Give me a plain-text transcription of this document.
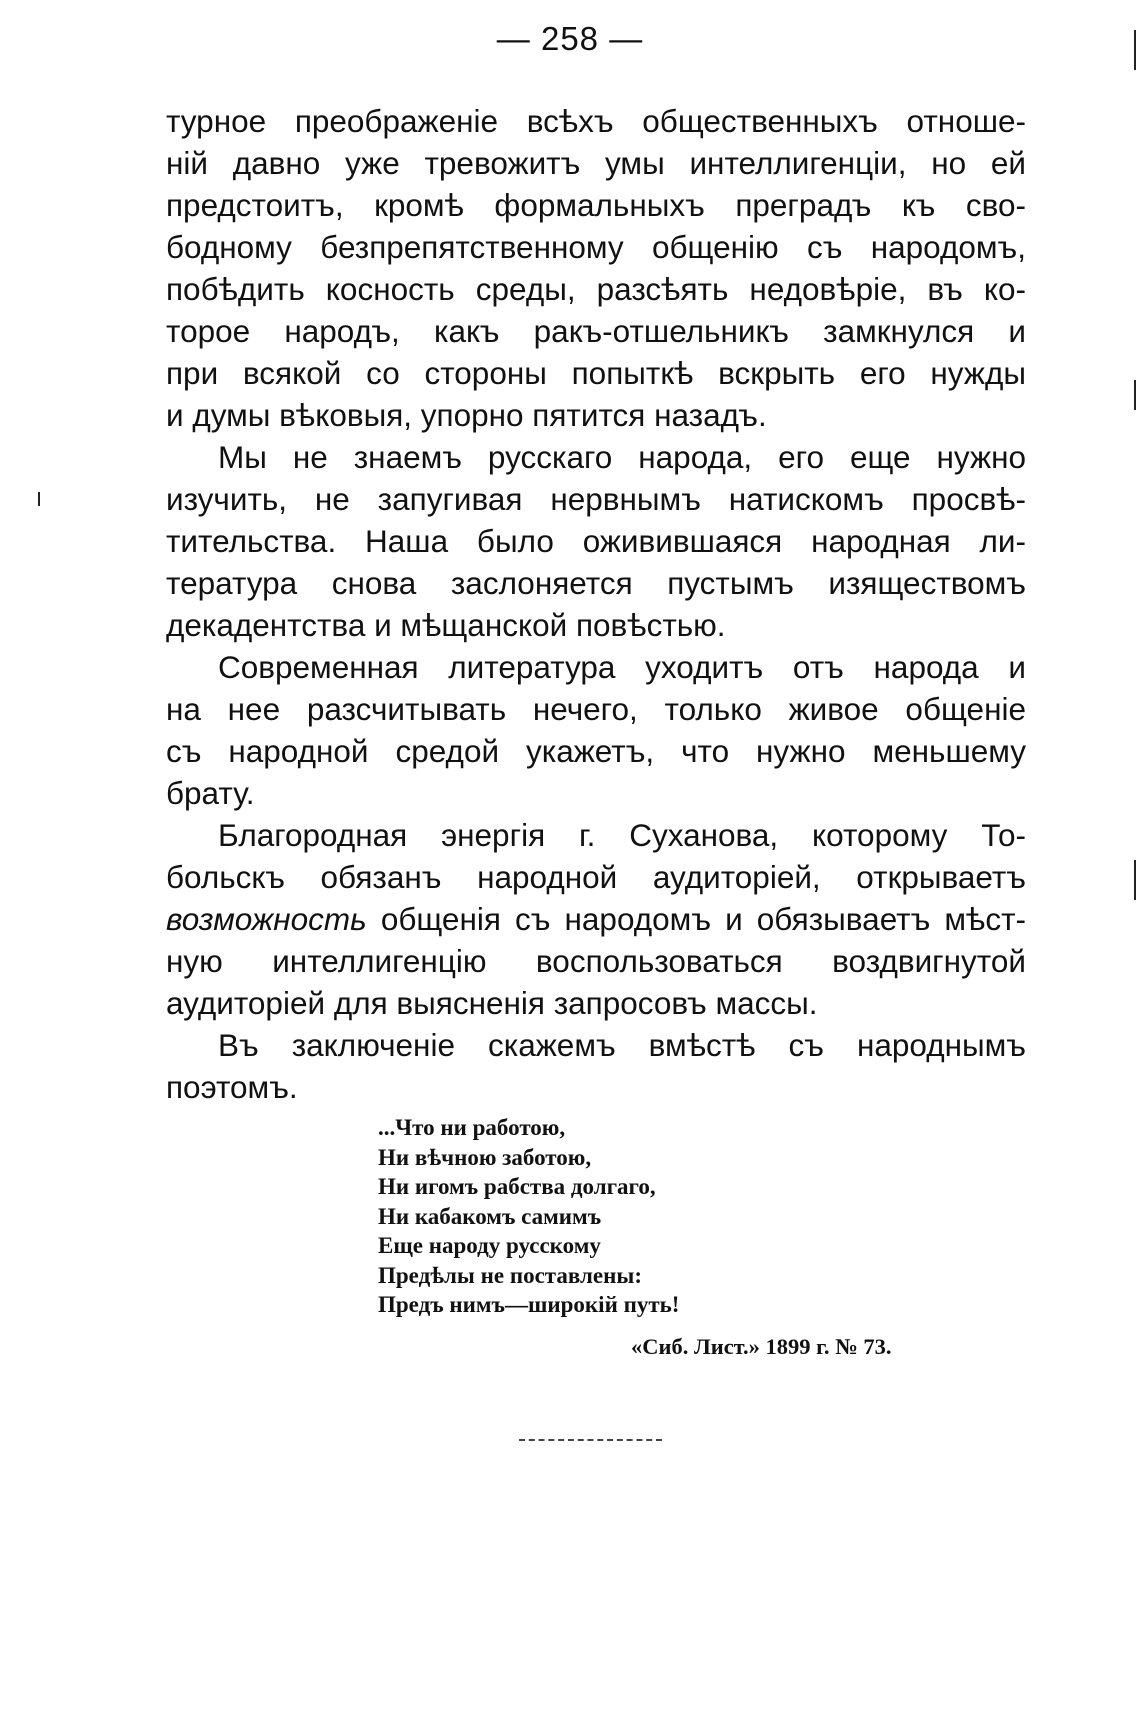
— 258 —
турное преображенiе всѣхъ общественныхъ отноше-
нiй давно уже тревожитъ умы интеллигенцiи, но ей
предстоитъ, кромѣ формальныхъ преградъ къ сво-
бодному безпрепятственному общенiю съ народомъ,
побѣдить косность среды, разсѣять недовѣрiе, въ ко-
торое народъ, какъ ракъ-отшельникъ замкнулся и
при всякой со стороны попыткѣ вскрыть его нужды
и думы вѣковыя, упорно пятится назадъ.
Мы не знаемъ русскаго народа, его еще нужно
изучить, не запугивая нервнымъ натискомъ просвѣ-
тительства. Наша было оживившаяся народная ли-
тература снова заслоняется пустымъ изяществомъ
декадентства и мѣщанской повѣстью.
Современная литература уходитъ отъ народа и
на нее разсчитывать нечего, только живое общенiе
съ народной средой укажетъ, что нужно меньшему
брату.
Благородная энергiя г. Суханова, которому То-
больскъ обязанъ народной аудиторiей, открываетъ
возможность общенiя съ народомъ и обязываетъ мѣст-
ную интеллигенцiю воспользоваться воздвигнутой
аудиторiей для выясненiя запросовъ массы.
Въ заключенiе скажемъ вмѣстѣ съ народнымъ
поэтомъ.
...Что ни работою,
Ни вѣчною заботою,
Ни игомъ рабства долгаго,
Ни кабакомъ самимъ
Еще народу русскому
Предѣлы не поставлены:
Предъ нимъ—широкiй путь!
«Сиб. Лист.» 1899 г. № 73.
